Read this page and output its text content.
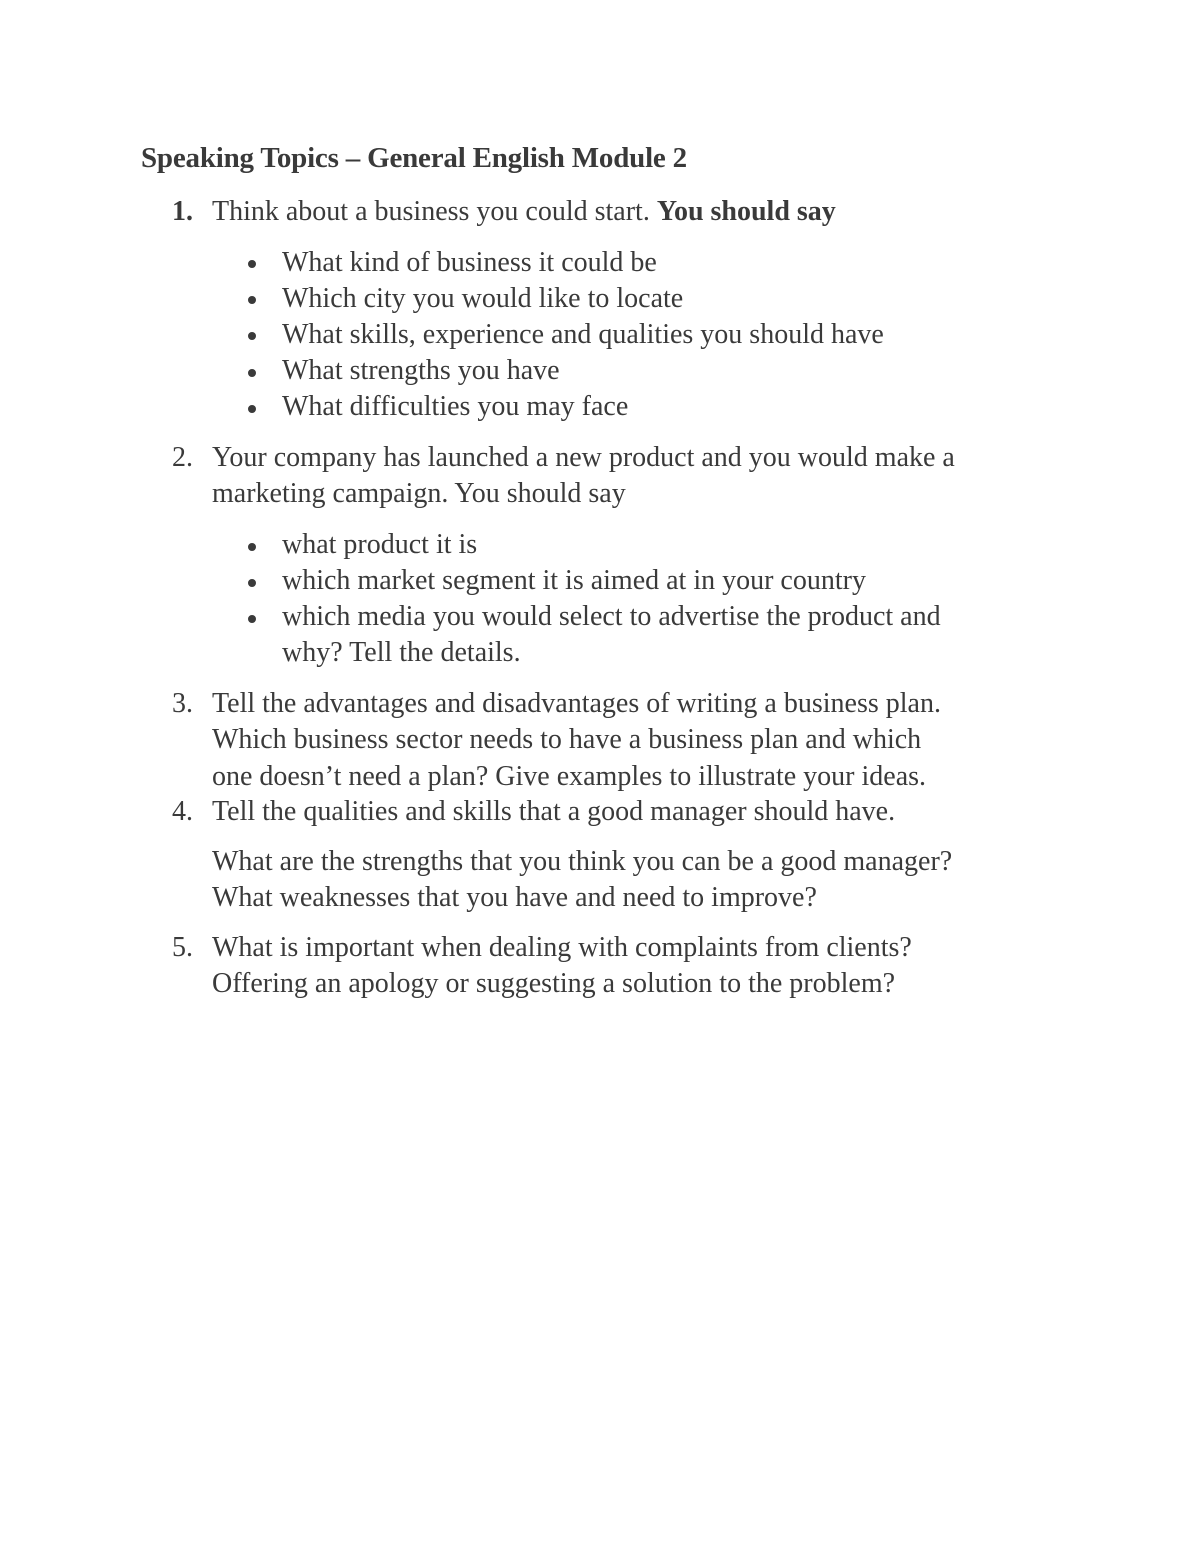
Speaking Topics – General English Module 2
1. Think about a business you could start. You should say
What kind of business it could be
Which city you would like to locate
What skills, experience and qualities you should have
What strengths you have
What difficulties you may face
2. Your company has launched a new product and you would make a
marketing campaign. You should say
what product it is
which market segment it is aimed at in your country
which media you would select to advertise the product and
why? Tell the details.
3. Tell the advantages and disadvantages of writing a business plan.
Which business sector needs to have a business plan and which
one doesn’t need a plan? Give examples to illustrate your ideas.
4. Tell the qualities and skills that a good manager should have.
What are the strengths that you think you can be a good manager?
What weaknesses that you have and need to improve?
5. What is important when dealing with complaints from clients?
Offering an apology or suggesting a solution to the problem?
